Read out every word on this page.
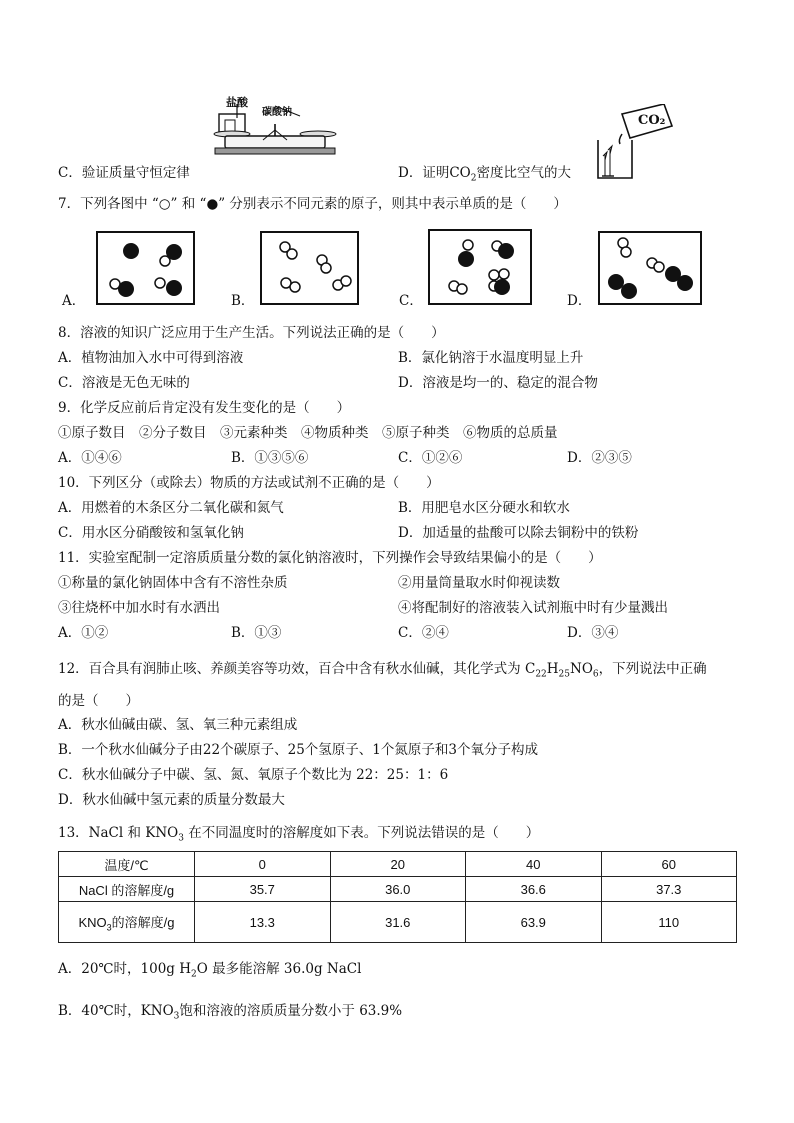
盐酸
碳酸钠
CO₂
C．验证质量守恒定律	D．证明$CO_2$密度比空气的大
7．下列各图中 “○” 和 “●” 分别表示不同元素的原子，则其中表示单质的是（　　）
A．	B．	C．	D．
8．溶液的知识广泛应用于生产生活。下列说法正确的是（　　）
A．植物油加入水中可得到溶液	B．氯化钠溶于水温度明显上升
C．溶液是无色无味的	D．溶液是均一的、稳定的混合物
9．化学反应前后肯定没有发生变化的是（　　）
①原子数目　②分子数目　③元素种类　④物质种类　⑤原子种类　⑥物质的总质量
A．①④⑥	B．①③⑤⑥	C．①②⑥	D．②③⑤
10．下列区分（或除去）物质的方法或试剂不正确的是（　　）
A．用燃着的木条区分二氧化碳和氮气	B．用肥皂水区分硬水和软水
C．用水区分硝酸铵和氢氧化钠	D．加适量的盐酸可以除去铜粉中的铁粉
11．实验室配制一定溶质质量分数的氯化钠溶液时，下列操作会导致结果偏小的是（　　）
①称量的氯化钠固体中含有不溶性杂质	②用量筒量取水时仰视读数
③往烧杯中加水时有水洒出	④将配制好的溶液装入试剂瓶中时有少量溅出
A．①②	B．①③	C．②④	D．③④
12．百合具有润肺止咳、养颜美容等功效，百合中含有秋水仙碱，其化学式为 $C_{22}H_{25}NO_6$，下列说法中正确
的是（　　）
A．秋水仙碱由碳、氢、氧三种元素组成
B．一个秋水仙碱分子由22个碳原子、25个氢原子、1个氮原子和3个氧分子构成
C．秋水仙碱分子中碳、氢、氮、氧原子个数比为 22：25：1：6
D．秋水仙碱中氢元素的质量分数最大
13．NaCl 和 $KNO_3$ 在不同温度时的溶解度如下表。下列说法错误的是（　　）
温度/℃	0	20	40	60
NaCl 的溶解度/g	35.7	36.0	36.6	37.3
$KNO_3$的溶解度/g	13.3	31.6	63.9	110
A．20℃时，100g $H_2O$ 最多能溶解 36.0g NaCl
B．40℃时，$KNO_3$饱和溶液的溶质质量分数小于 63.9%
